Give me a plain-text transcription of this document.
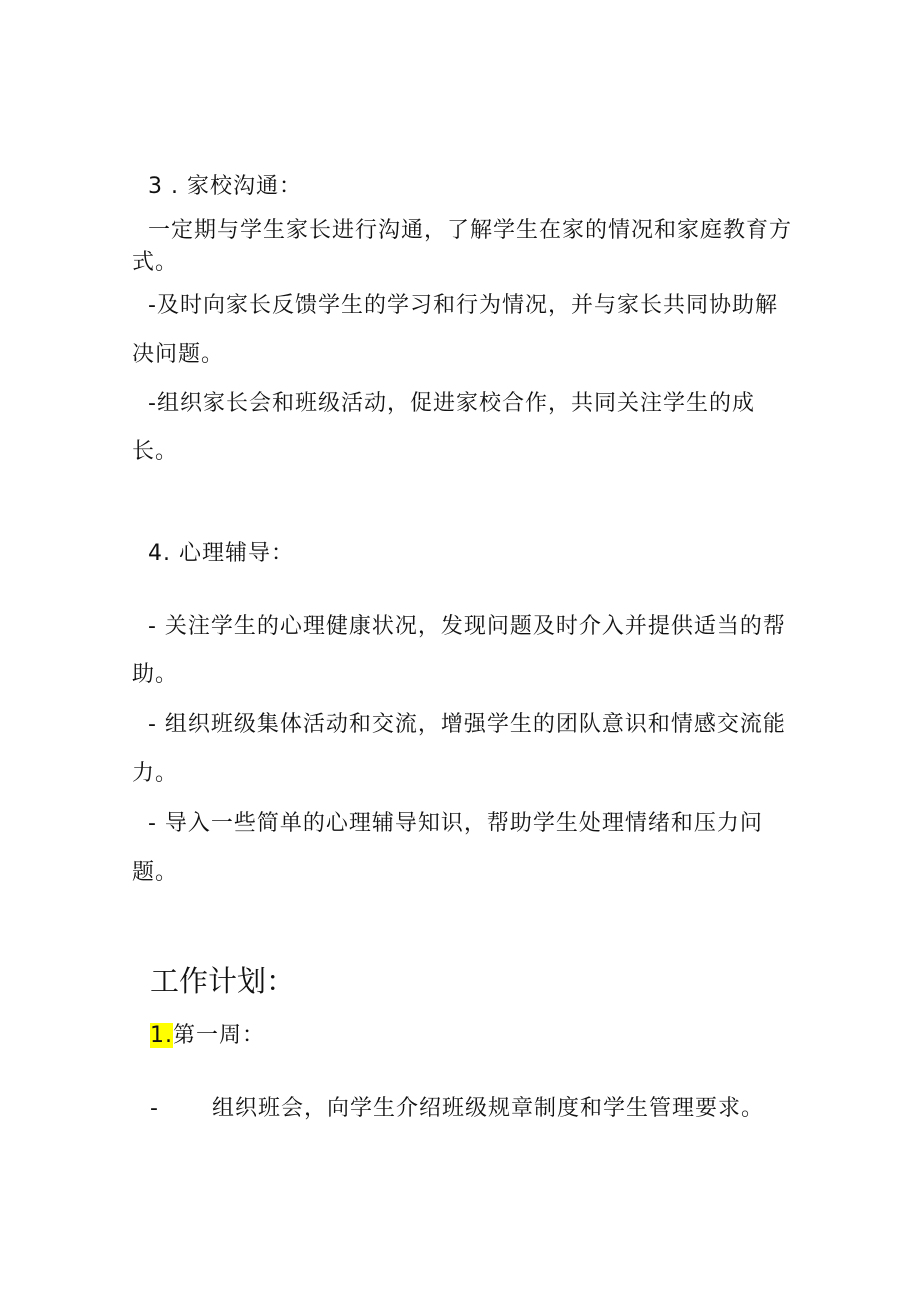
3 . 家校沟通：
一定期与学生家长进行沟通，了解学生在家的情况和家庭教育方
式。
-及时向家长反馈学生的学习和行为情况，并与家长共同协助解
决问题。
-组织家长会和班级活动，促进家校合作，共同关注学生的成
长。
4. 心理辅导：
- 关注学生的心理健康状况，发现问题及时介入并提供适当的帮
助。
- 组织班级集体活动和交流，增强学生的团队意识和情感交流能
力。
- 导入一些简单的心理辅导知识，帮助学生处理情绪和压力问
题。
工作计划：
1.第一周：
- 组织班会，向学生介绍班级规章制度和学生管理要求。
